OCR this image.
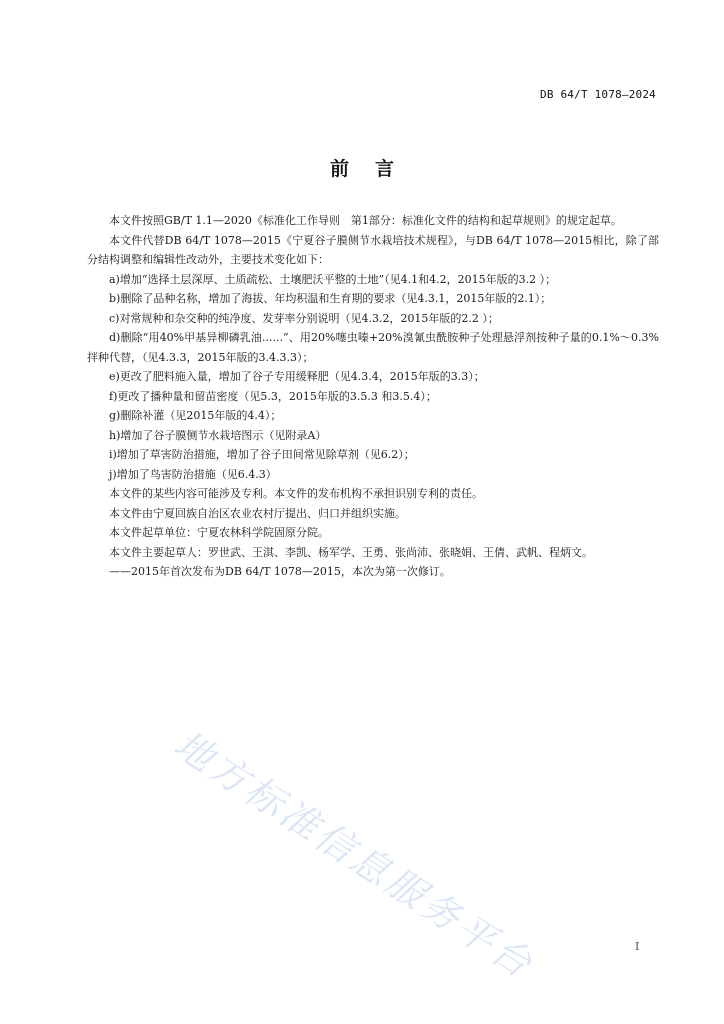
DB 64/T 1078—2024
前言

本文件按照GB/T 1.1—2020《标准化工作导则　第1部分：标准化文件的结构和起草规则》的规定起草。

本文件代替DB 64/T 1078—2015《宁夏谷子膜侧节水栽培技术规程》，与DB 64/T 1078—2015相比，除了部分结构调整和编辑性改动外，主要技术变化如下：

a)增加“选择土层深厚、土质疏松、土壤肥沃平整的土地”（见4.1和4.2，2015年版的3.2 ）；

b)删除了品种名称，增加了海拔、年均积温和生育期的要求（见4.3.1，2015年版的2.1）；

c)对常规种和杂交种的纯净度、发芽率分别说明（见4.3.2，2015年版的2.2 ）；

d)删除“用40%甲基异柳磷乳油......”、用20%噻虫嗪+20%溴氰虫酰胺种子处理悬浮剂按种子量的0.1%～0.3%拌种代替，（见4.3.3，2015年版的3.4.3.3）；

e)更改了肥料施入量，增加了谷子专用缓释肥（见4.3.4，2015年版的3.3）；

f)更改了播种量和留苗密度（见5.3，2015年版的3.5.3 和3.5.4）；

g)删除补灌（见2015年版的4.4）；

h)增加了谷子膜侧节水栽培图示（见附录A）

i)增加了草害防治措施，增加了谷子田间常见除草剂（见6.2）；

j)增加了鸟害防治措施（见6.4.3）

本文件的某些内容可能涉及专利。本文件的发布机构不承担识别专利的责任。

本文件由宁夏回族自治区农业农村厅提出、归口并组织实施。

本文件起草单位：宁夏农林科学院固原分院。

本文件主要起草人：罗世武、王淇、李凯、杨军学、王勇、张尚沛、张晓娟、王倩、武帆、程炳文。

——2015年首次发布为DB 64/T 1078—2015，本次为第一次修订。

地方标准信息服务平台	I
